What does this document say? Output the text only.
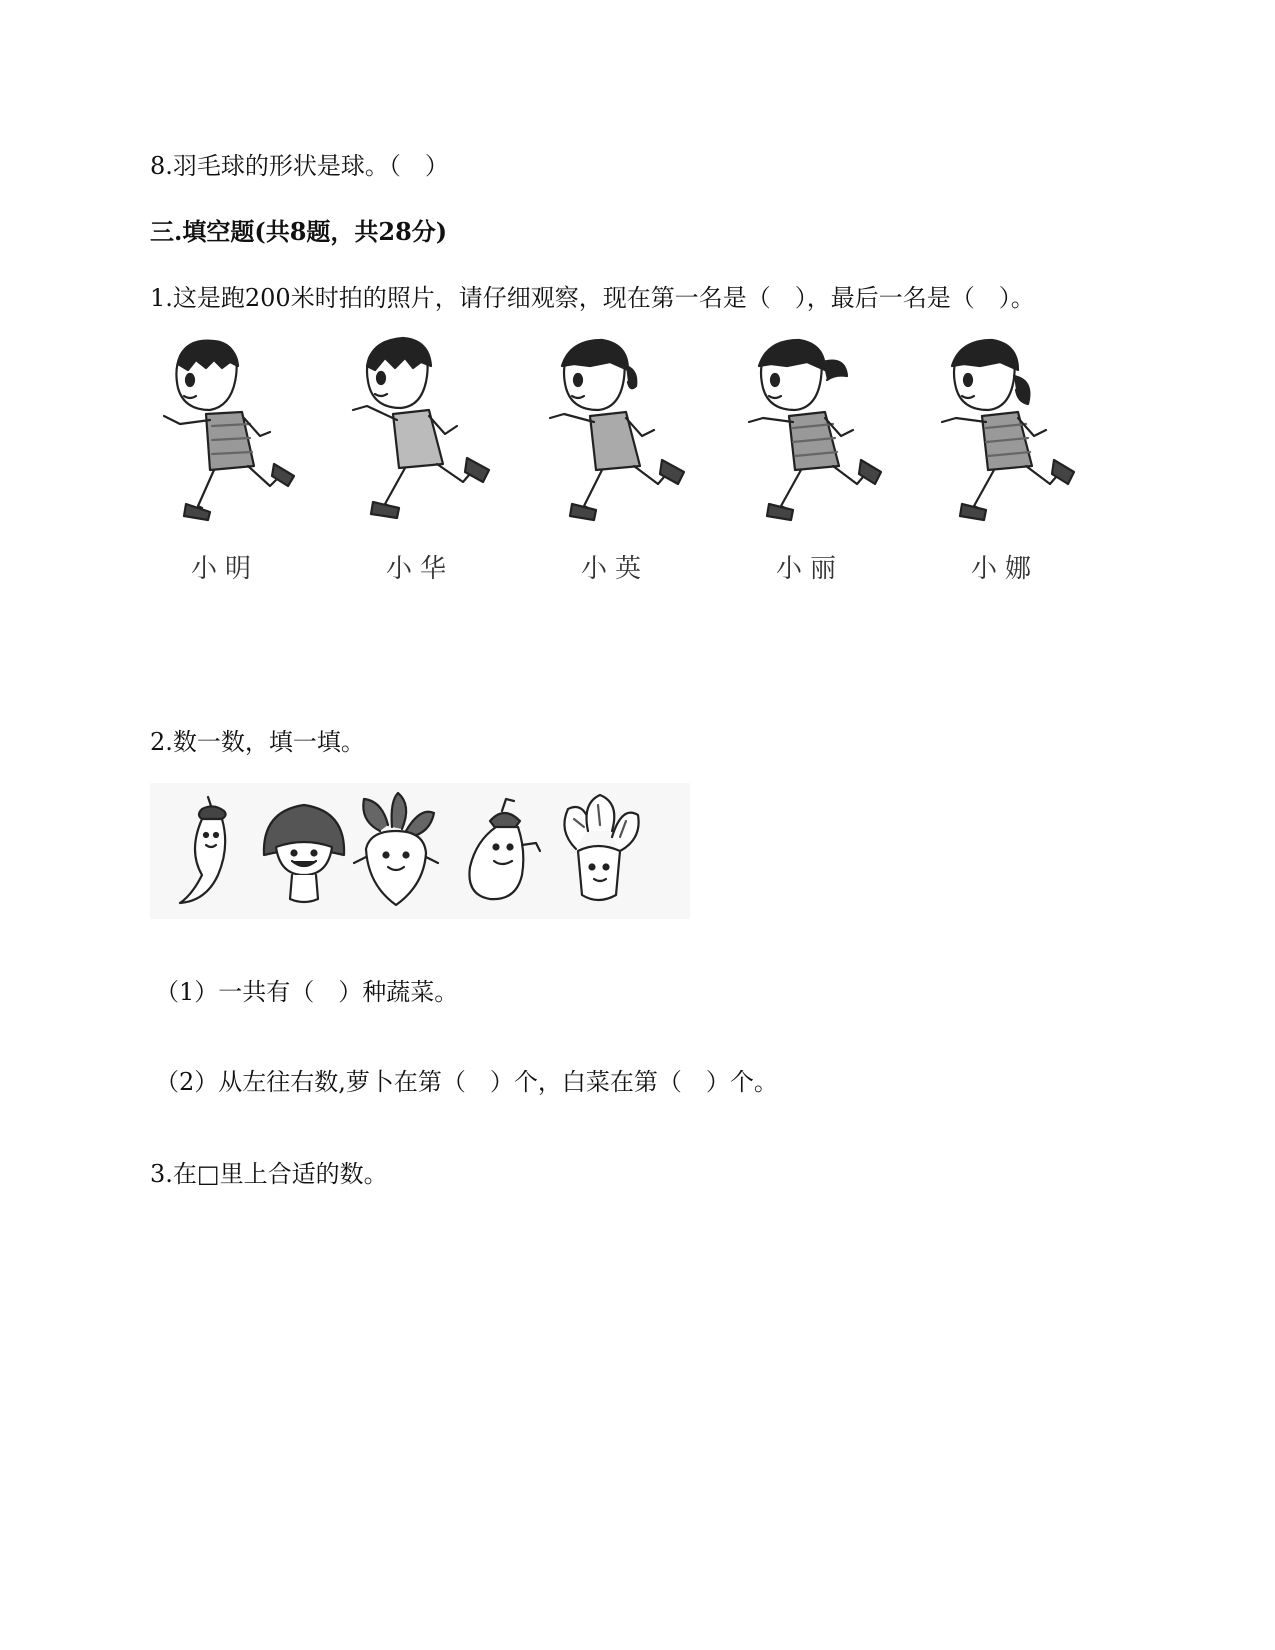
8.羽毛球的形状是球。（　）
三.填空题(共8题，共28分)
1.这是跑200米时拍的照片，请仔细观察，现在第一名是（　），最后一名是（　）。
小明	小华	小英	小丽	小娜
2.数一数，填一填。
（1）一共有（　）种蔬菜。
（2）从左往右数,萝卜在第（　）个，白菜在第（　）个。
3.在□里上合适的数。
